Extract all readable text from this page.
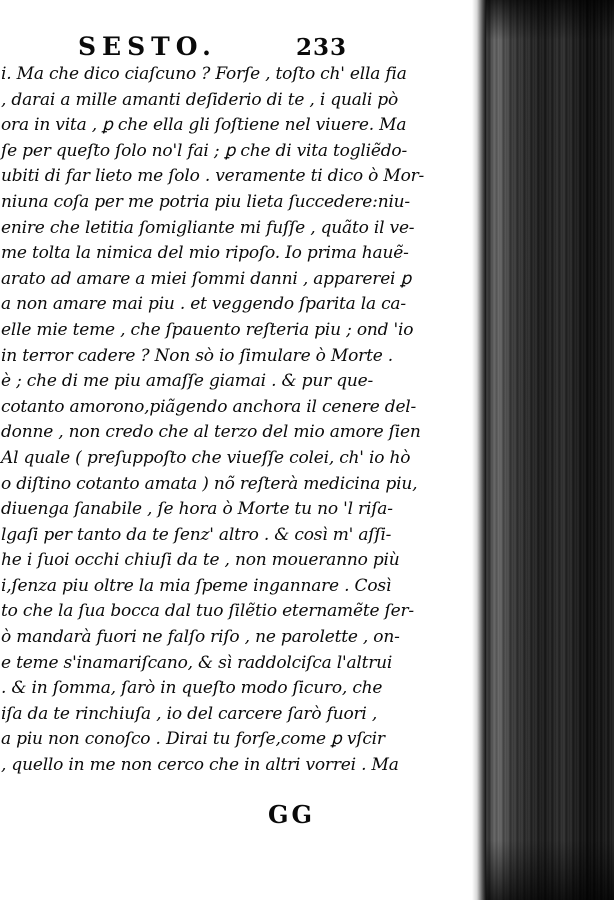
SESTO.	233
i. Ma che dico ciaſcuno ? Forſe , toſto ch' ella fia
, darai a mille amanti deſiderio di te , i quali pò
ora in vita , ꝑ che ella gli ſoſtiene nel viuere. Ma
ſe per queſto ſolo no'l fai ; ꝑ che di vita togliẽdo-
ubiti di far lieto me ſolo . veramente ti dico ò Mor-
niuna coſa per me potria piu lieta ſuccedere:niu-
enire che letitia ſomigliante mi fuſſe , quãto il ve-
me tolta la nimica del mio ripoſo. Io prima hauẽ-
arato ad amare a miei ſommi danni , apparerei ꝑ
a non amare mai piu . et veggendo ſparita la ca-
elle mie teme , che ſpauento reſteria piu ; ond 'io
in terror cadere ? Non sò io ſimulare ò Morte .
è ; che di me piu amaſſe giamai . & pur que-
cotanto amorono,piãgendo anchora il cenere del-
donne , non credo che al terzo del mio amore ſien
Al quale ( preſuppoſto che viueſſe colei, ch' io hò
o diſtino cotanto amata ) nõ reſterà medicina piu,
diuenga ſanabile , ſe hora ò Morte tu no 'l riſa-
lgaſi per tanto da te ſenz' altro . & così m' aſſi-
he i ſuoi occhi chiuſi da te , non moueranno più
i,ſenza piu oltre la mia ſpeme ingannare . Così
to che la ſua bocca dal tuo ſilẽtio eternamẽte ſer-
ò mandarà fuori ne falſo riſo , ne parolette , on-
e teme s'inamariſcano, & sì raddolciſca l'altrui
. & in ſomma, ſarò in queſto modo ſicuro, che
iſa da te rinchiuſa , io del carcere ſarò fuori ,
a piu non conoſco . Dirai tu forſe,come ꝑ vſcir
, quello in me non cerco che in altri vorrei . Ma
GG
